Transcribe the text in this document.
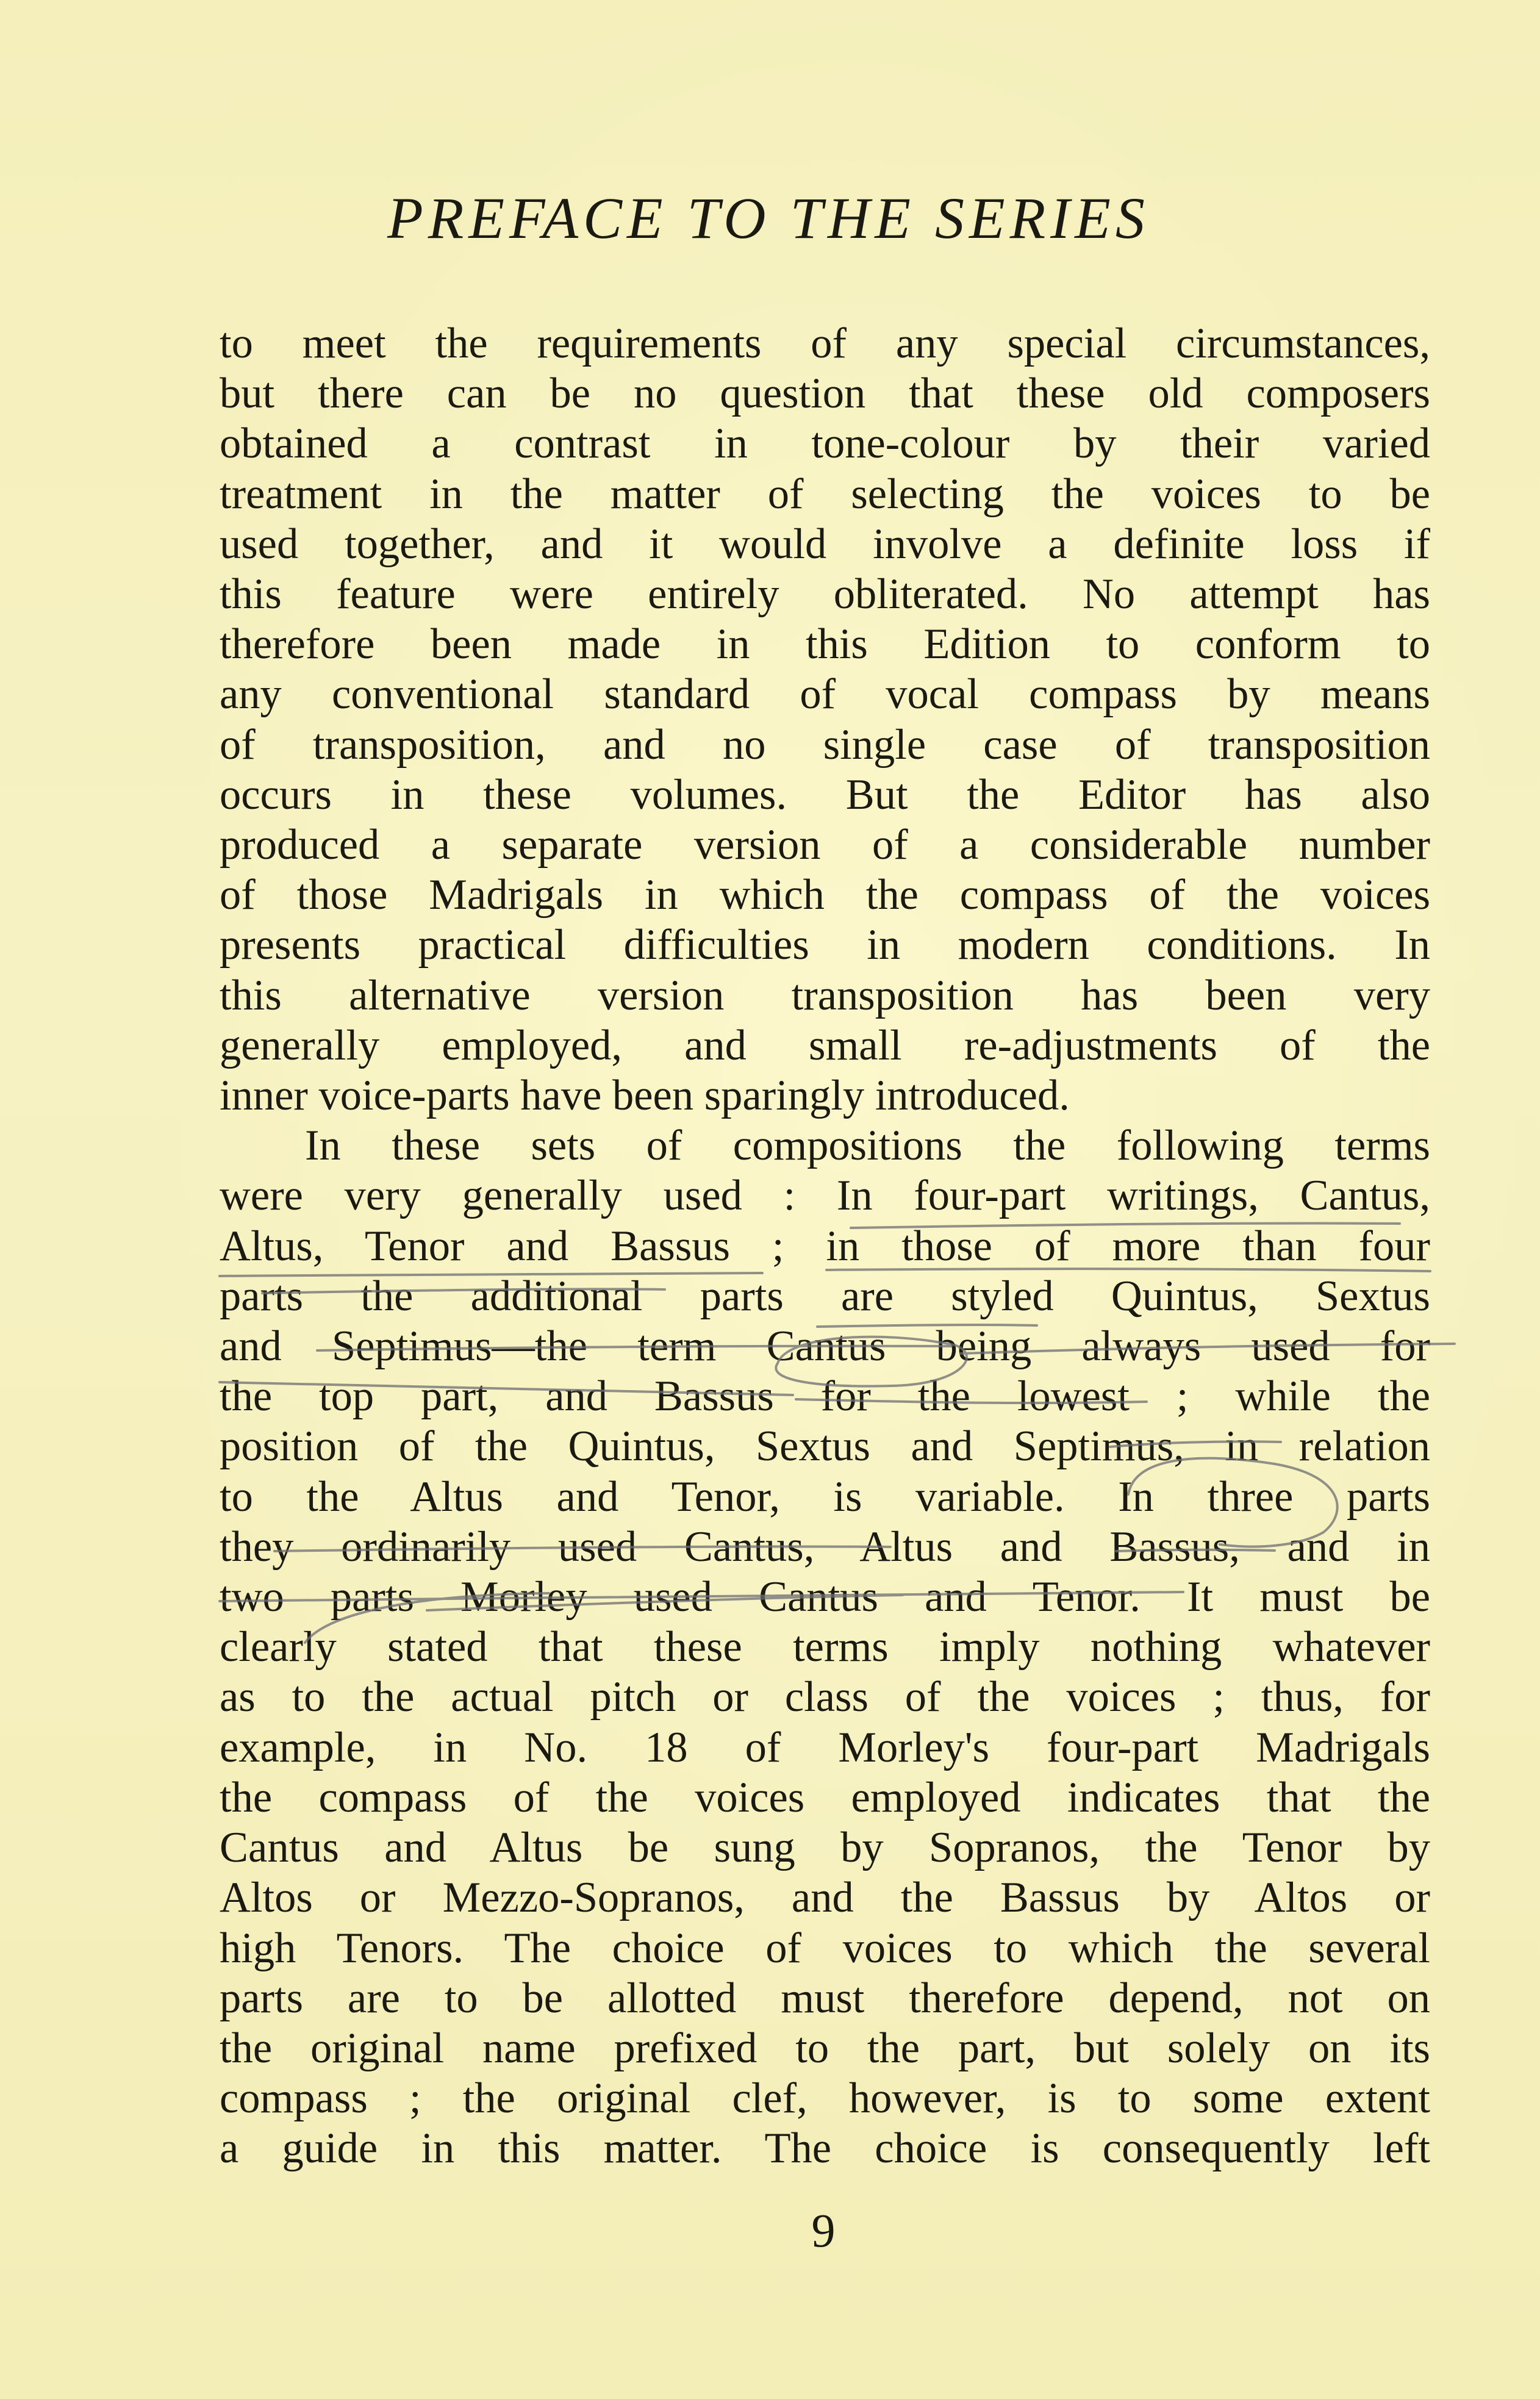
PREFACE TO THE SERIES
to meet the requirements of any special circumstances,
but there can be no question that these old composers
obtained a contrast in tone-colour by their varied
treatment in the matter of selecting the voices to be
used together, and it would involve a definite loss if
this feature were entirely obliterated. No attempt has
therefore been made in this Edition to conform to
any conventional standard of vocal compass by means
of transposition, and no single case of transposition
occurs in these volumes. But the Editor has also
produced a separate version of a considerable number
of those Madrigals in which the compass of the voices
presents practical difficulties in modern conditions. In
this alternative version transposition has been very
generally employed, and small re-adjustments of the
inner voice-parts have been sparingly introduced.
In these sets of compositions the following terms
were very generally used : In four-part writings, Cantus,
Altus, Tenor and Bassus ; in those of more than four
parts the additional parts are styled Quintus, Sextus
and Septimus—the term Cantus being always used for
the top part, and Bassus for the lowest ; while the
position of the Quintus, Sextus and Septimus, in relation
to the Altus and Tenor, is variable. In three parts
they ordinarily used Cantus, Altus and Bassus, and in
two parts Morley used Cantus and Tenor. It must be
clearly stated that these terms imply nothing whatever
as to the actual pitch or class of the voices ; thus, for
example, in No. 18 of Morley's four-part Madrigals
the compass of the voices employed indicates that the
Cantus and Altus be sung by Sopranos, the Tenor by
Altos or Mezzo-Sopranos, and the Bassus by Altos or
high Tenors. The choice of voices to which the several
parts are to be allotted must therefore depend, not on
the original name prefixed to the part, but solely on its
compass ; the original clef, however, is to some extent
a guide in this matter. The choice is consequently left
9
